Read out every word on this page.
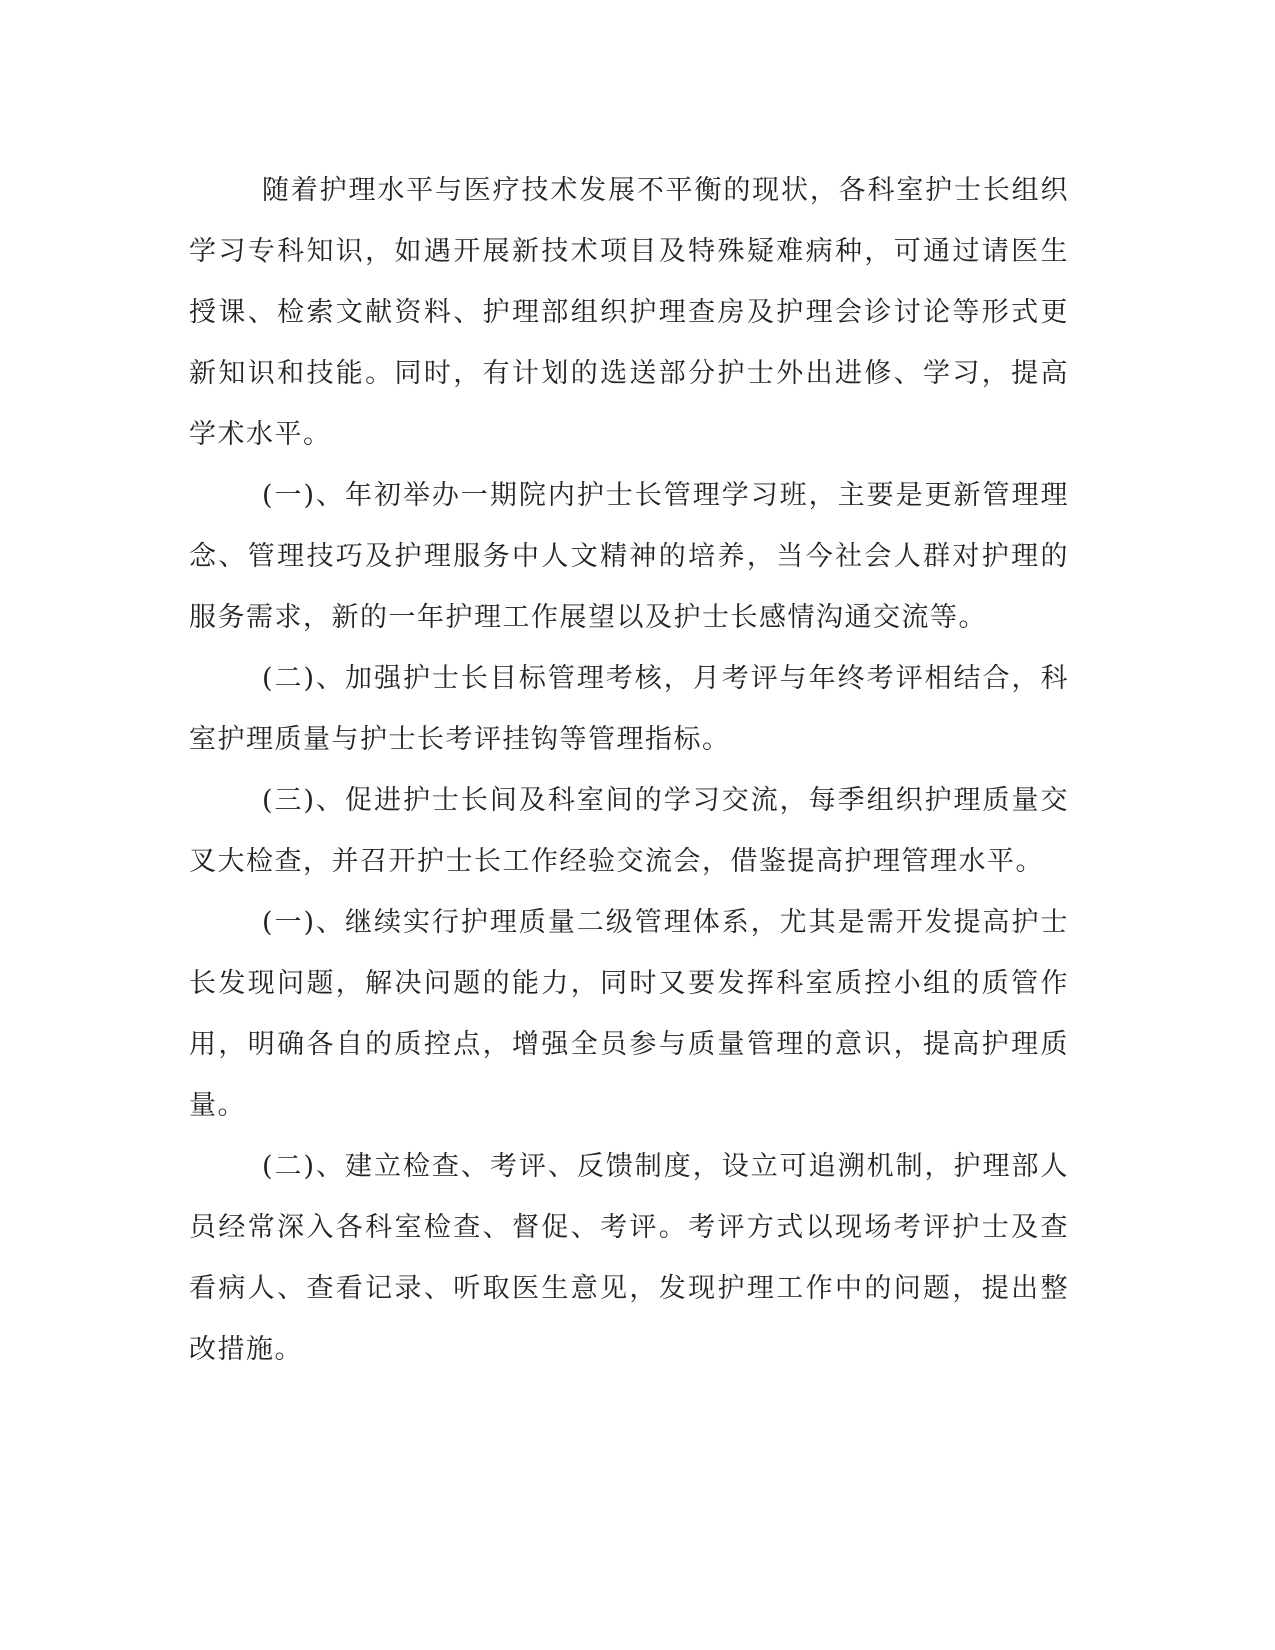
随着护理水平与医疗技术发展不平衡的现状，各科室护士长组织学习专科知识，如遇开展新技术项目及特殊疑难病种，可通过请医生授课、检索文献资料、护理部组织护理查房及护理会诊讨论等形式更新知识和技能。同时，有计划的选送部分护士外出进修、学习，提高学术水平。

(一)、年初举办一期院内护士长管理学习班，主要是更新管理理念、管理技巧及护理服务中人文精神的培养，当今社会人群对护理的服务需求，新的一年护理工作展望以及护士长感情沟通交流等。

(二)、加强护士长目标管理考核，月考评与年终考评相结合，科室护理质量与护士长考评挂钩等管理指标。

(三)、促进护士长间及科室间的学习交流，每季组织护理质量交叉大检查，并召开护士长工作经验交流会，借鉴提高护理管理水平。

(一)、继续实行护理质量二级管理体系，尤其是需开发提高护士长发现问题，解决问题的能力，同时又要发挥科室质控小组的质管作用，明确各自的质控点，增强全员参与质量管理的意识，提高护理质量。

(二)、建立检查、考评、反馈制度，设立可追溯机制，护理部人员经常深入各科室检查、督促、考评。考评方式以现场考评护士及查看病人、查看记录、听取医生意见，发现护理工作中的问题，提出整改措施。
